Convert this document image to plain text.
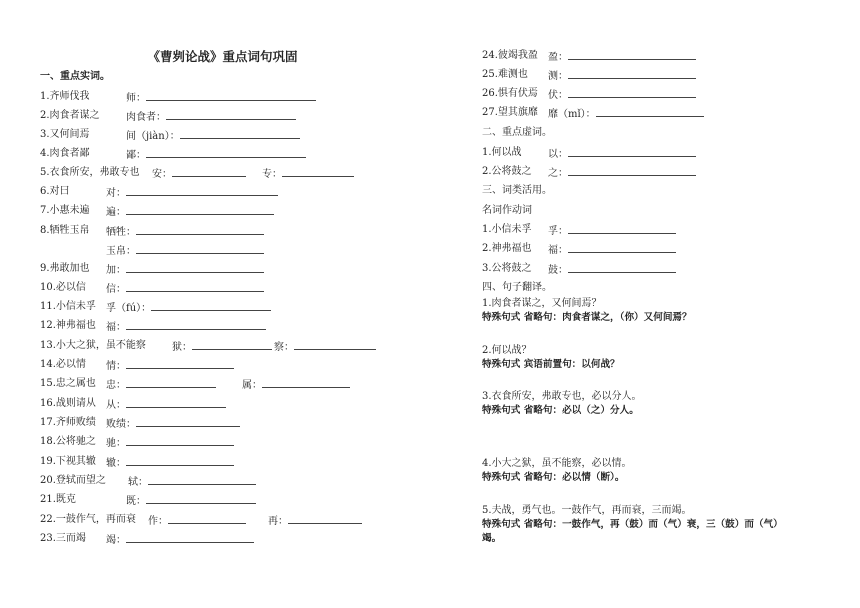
《曹刿论战》重点词句巩固
一、重点实词。
1.齐师伐我	师：
2.肉食者谋之	肉食者：
3.又何间焉	间（jiàn）：
4.肉食者鄙	鄙：
5.衣食所安，弗敢专也 安：	专：
6.对曰	对：
7.小惠未遍 遍：
8.牺牲玉帛 牺牲：
玉帛：
9.弗敢加也 加：
10.必以信 信：
11.小信未孚 孚（fú）：
12.神弗福也 福：
13.小大之狱，虽不能察	狱：	察：
14.必以情 情：
15.忠之属也 忠：	属：
16.战则请从 从：
17.齐师败绩 败绩：
18.公将驰之 驰：
19.下视其辙 辙：
20.登轼而望之 轼：
21.既克	既：
22.一鼓作气，再而衰 作：	再：
23.三而竭 竭：
24.彼竭我盈 盈：
25.难测也 测：
26.惧有伏焉 伏：
27.望其旗靡 靡（mǐ）：
二、重点虚词。
1.何以战	以：
2.公将鼓之 之：
三、词类活用。
名词作动词
1.小信未孚 孚：
2.神弗福也 福：
3.公将鼓之 鼓：
四、句子翻译。
1.肉食者谋之，又何间焉？
特殊句式 省略句：肉食者谋之，（你）又何间焉？
2.何以战？
特殊句式 宾语前置句：以何战？
3.衣食所安，弗敢专也，必以分人。
特殊句式 省略句：必以（之）分人。
4.小大之狱，虽不能察，必以情。
特殊句式 省略句：必以情（断）。
5.夫战，勇气也。一鼓作气，再而衰，三而竭。
特殊句式 省略句：一鼓作气，再（鼓）而（气）衰，三（鼓）而（气）
竭。
